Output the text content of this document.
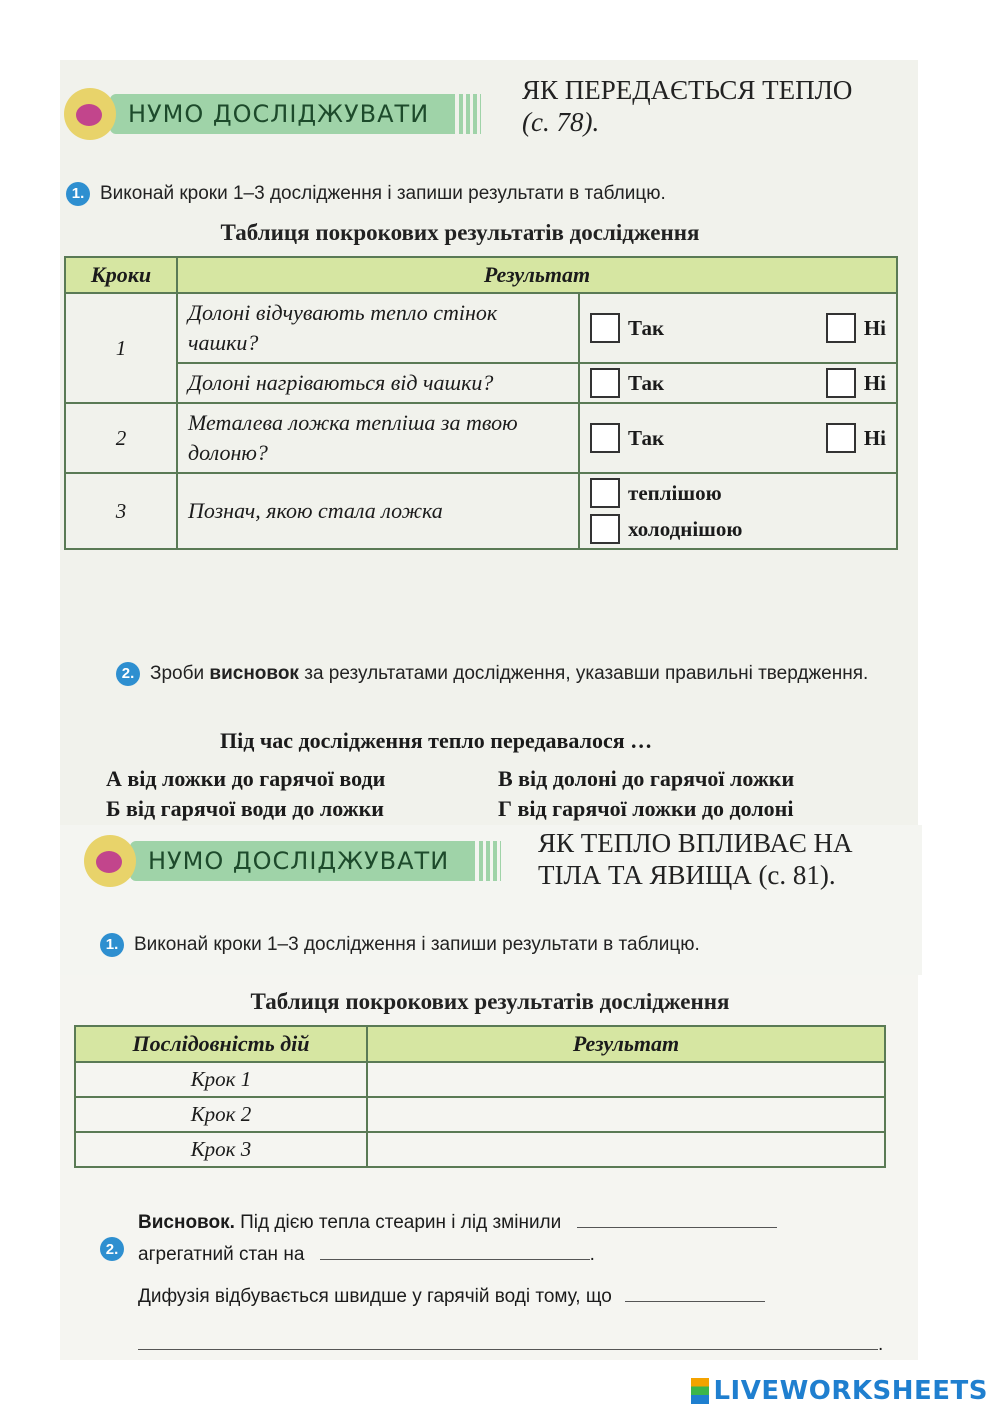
НУМО ДОСЛІДЖУВАТИ
ЯК ПЕРЕДАЄТЬСЯ ТЕПЛО
(с. 78).
1. Виконай кроки 1–3 дослідження і запиши результати в таблицю.
Таблиця покрокових результатів дослідження
Кроки	Результат	
1	Долоні відчувають тепло стінок чашки?	Так Ні

	Долоні нагріваються від чашки?	Так Ні

2	Металева ложка тепліша за твою долоню?	Так Ні

3	Познач, якою стала ложка	теплішою
холоднішою
2. Зроби висновок за результатами дослідження, указавши правильні твердження.
Під час дослідження тепло передавалося …
А від ложки до гарячої води
Б від гарячої води до ложки
В від долоні до гарячої ложки
Г від гарячої ложки до долоні
НУМО ДОСЛІДЖУВАТИ
ЯК ТЕПЛО ВПЛИВАЄ НА
ТІЛА ТА ЯВИЩА (с. 81).
1. Виконай кроки 1–3 дослідження і запиши результати в таблицю.
Таблиця покрокових результатів дослідження
Послідовність дій	Результат
Крок 1	
Крок 2	
Крок 3	
2.
Висновок. Під дією тепла стеарин і лід змінили
агрегатний стан на	.
Дифузія відбувається швидше у гарячій воді тому, що
.
LIVEWORKSHEETS
